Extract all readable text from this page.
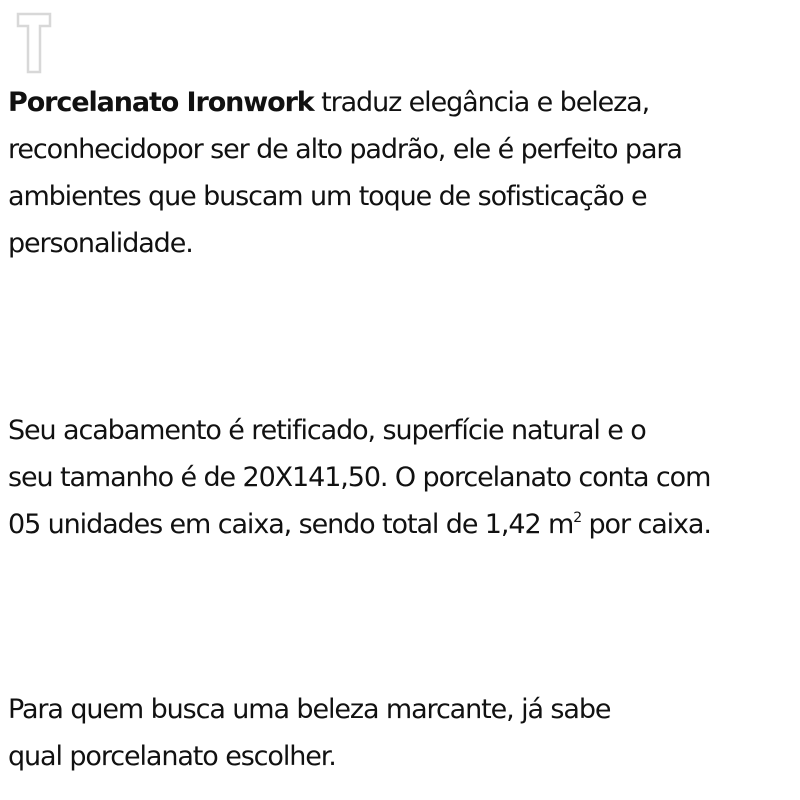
Porcelanato Ironwork traduz elegância e beleza,
reconhecidopor ser de alto padrão, ele é perfeito para
ambientes que buscam um toque de sofisticação e
personalidade.

Seu acabamento é retificado, superfície natural e o
seu tamanho é de 20X141,50. O porcelanato conta com
05 unidades em caixa, sendo total de 1,42 $m^2$ por caixa.

Para quem busca uma beleza marcante, já sabe
qual porcelanato escolher.
